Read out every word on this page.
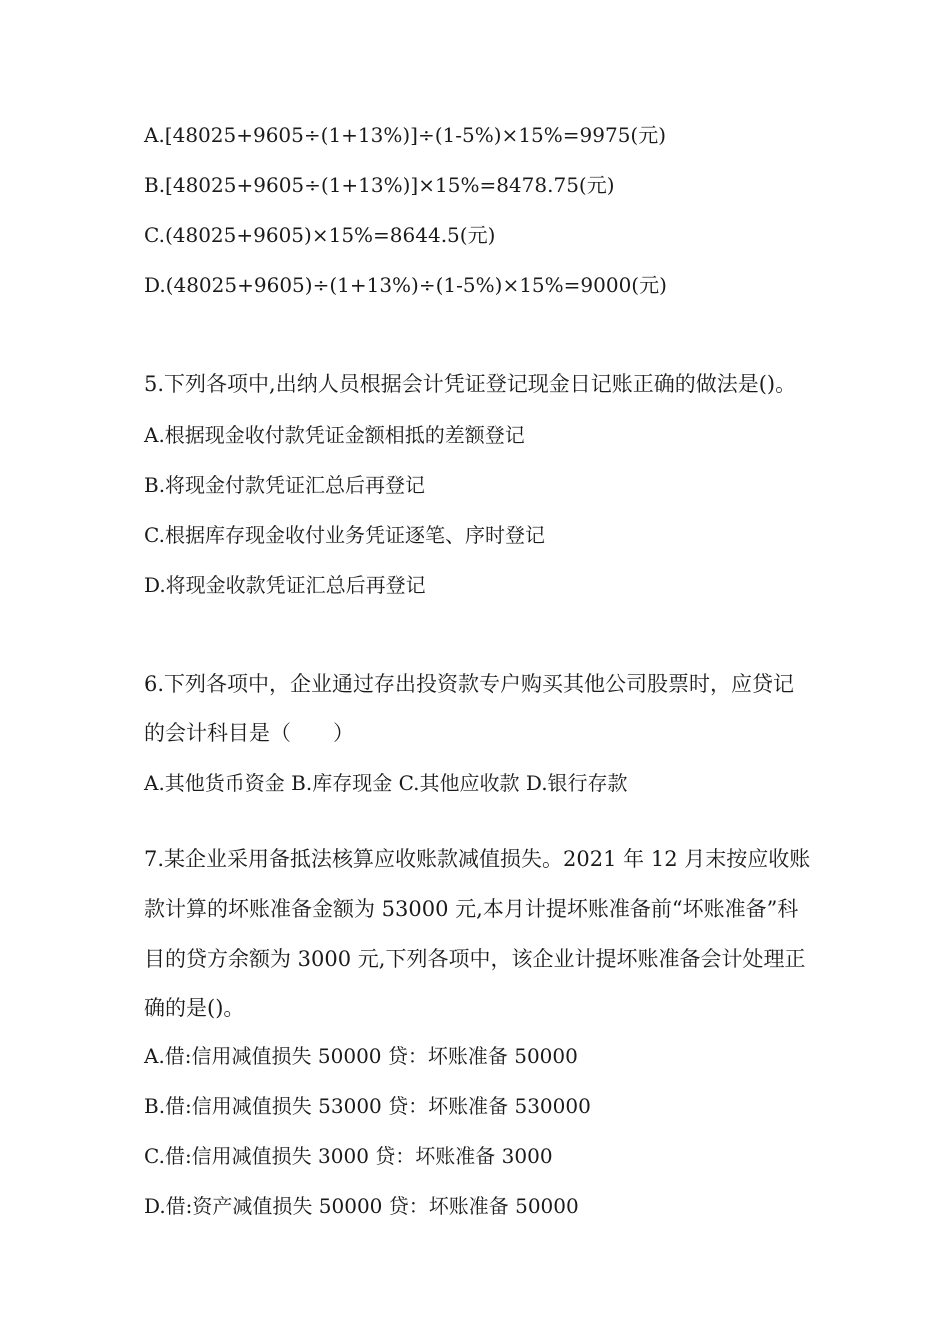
A.[48025+9605÷(1+13%)]÷(1-5%)×15%=9975(元)
B.[48025+9605÷(1+13%)]×15%=8478.75(元)
C.(48025+9605)×15%=8644.5(元)
D.(48025+9605)÷(1+13%)÷(1-5%)×15%=9000(元)
5.下列各项中,出纳人员根据会计凭证登记现金日记账正确的做法是()。
A.根据现金收付款凭证金额相抵的差额登记
B.将现金付款凭证汇总后再登记
C.根据库存现金收付业务凭证逐笔、序时登记
D.将现金收款凭证汇总后再登记
6.下列各项中，企业通过存出投资款专户购买其他公司股票时，应贷记
的会计科目是（　　）
A.其他货币资金 B.库存现金 C.其他应收款 D.银行存款
7.某企业采用备抵法核算应收账款减值损失。2021 年 12 月末按应收账
款计算的坏账准备金额为 53000 元,本月计提坏账准备前“坏账准备”科
目的贷方余额为 3000 元,下列各项中，该企业计提坏账准备会计处理正
确的是()。
A.借:信用减值损失 50000 贷：坏账准备 50000
B.借:信用减值损失 53000 贷：坏账准备 530000
C.借:信用减值损失 3000 贷：坏账准备 3000
D.借:资产减值损失 50000 贷：坏账准备 50000
